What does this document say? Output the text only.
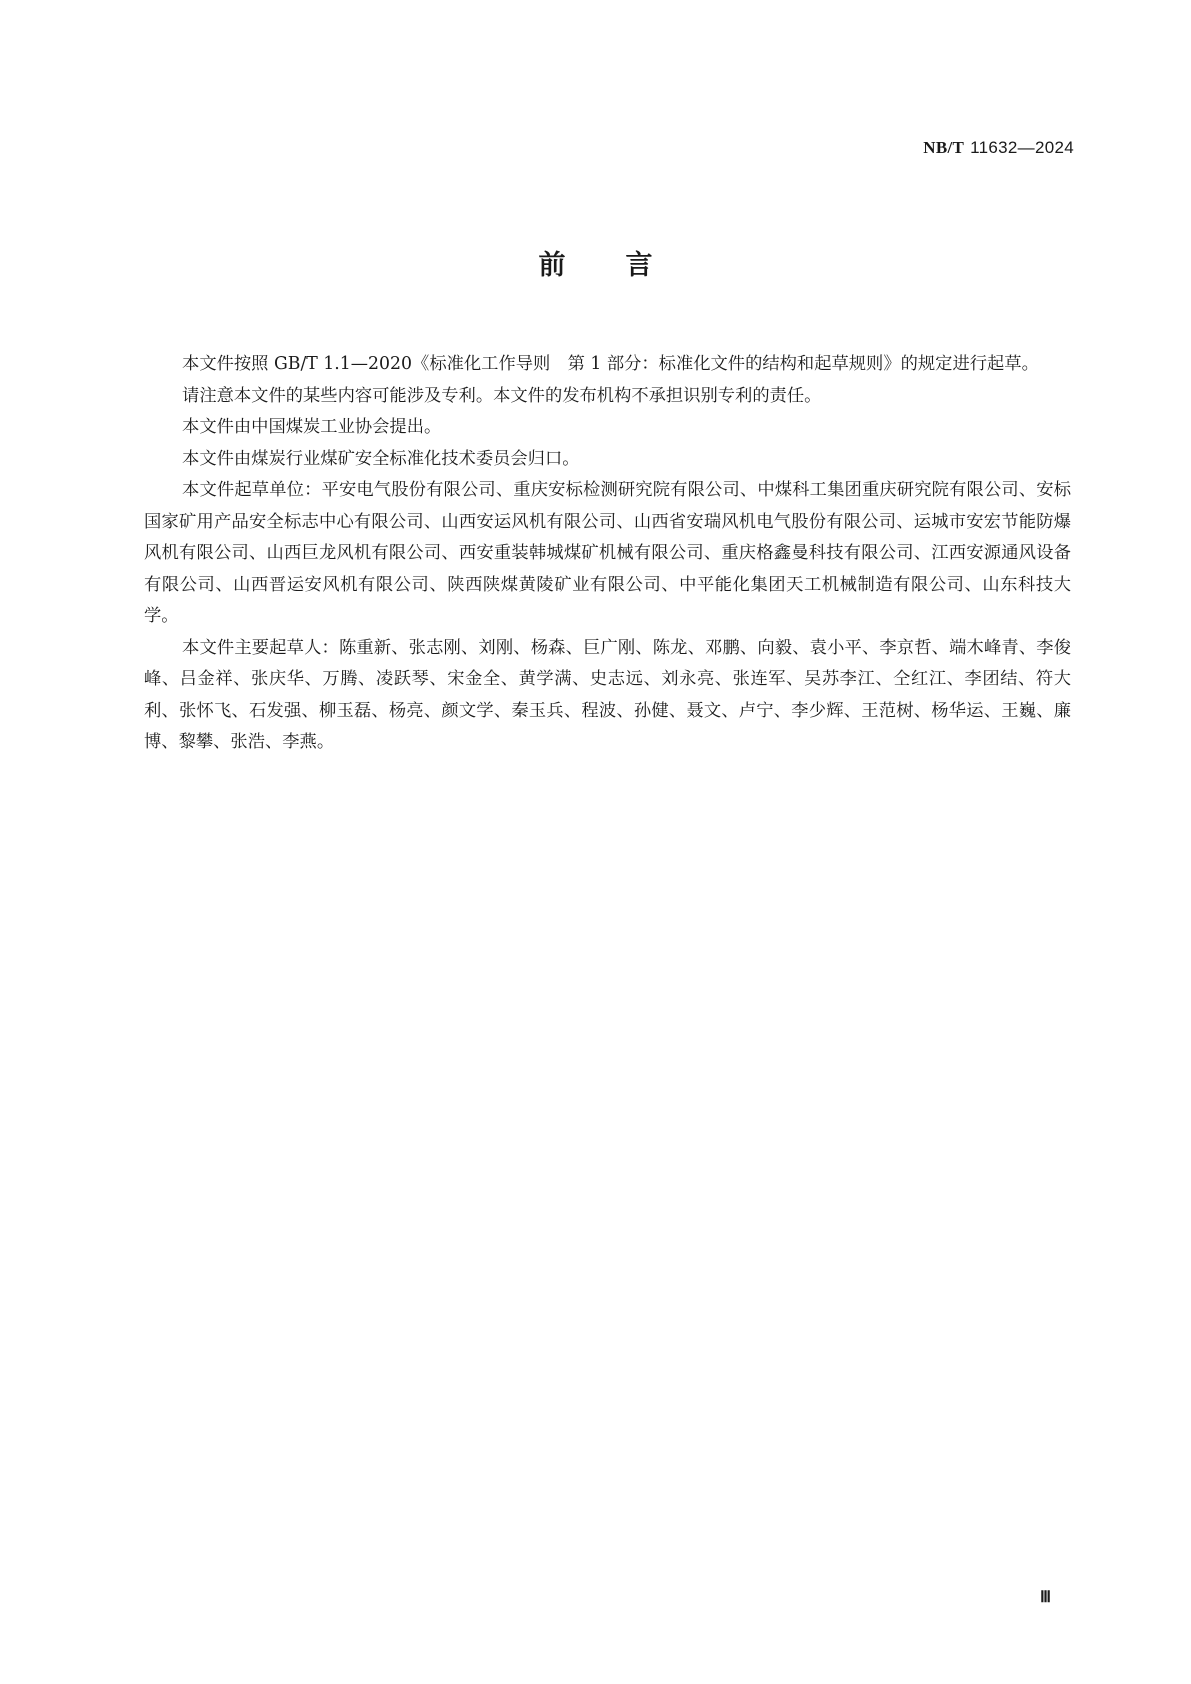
NB/T 11632—2024
前言

本文件按照 GB/T 1.1—2020《标准化工作导则　第 1 部分：标准化文件的结构和起草规则》的规定进行起草。

请注意本文件的某些内容可能涉及专利。本文件的发布机构不承担识别专利的责任。

本文件由中国煤炭工业协会提出。

本文件由煤炭行业煤矿安全标准化技术委员会归口。

本文件起草单位：平安电气股份有限公司、重庆安标检测研究院有限公司、中煤科工集团重庆研究院有限公司、安标国家矿用产品安全标志中心有限公司、山西安运风机有限公司、山西省安瑞风机电气股份有限公司、运城市安宏节能防爆风机有限公司、山西巨龙风机有限公司、西安重装韩城煤矿机械有限公司、重庆格鑫曼科技有限公司、江西安源通风设备有限公司、山西晋运安风机有限公司、陕西陕煤黄陵矿业有限公司、中平能化集团天工机械制造有限公司、山东科技大学。

本文件主要起草人：陈重新、张志刚、刘刚、杨森、巨广刚、陈龙、邓鹏、向毅、袁小平、李京哲、端木峰青、李俊峰、吕金祥、张庆华、万腾、凌跃琴、宋金全、黄学满、史志远、刘永亮、张连军、吴苏李江、仝红江、李团结、符大利、张怀飞、石发强、柳玉磊、杨亮、颜文学、秦玉兵、程波、孙健、聂文、卢宁、李少辉、王范树、杨华运、王巍、廉博、黎攀、张浩、李燕。

Ⅲ
